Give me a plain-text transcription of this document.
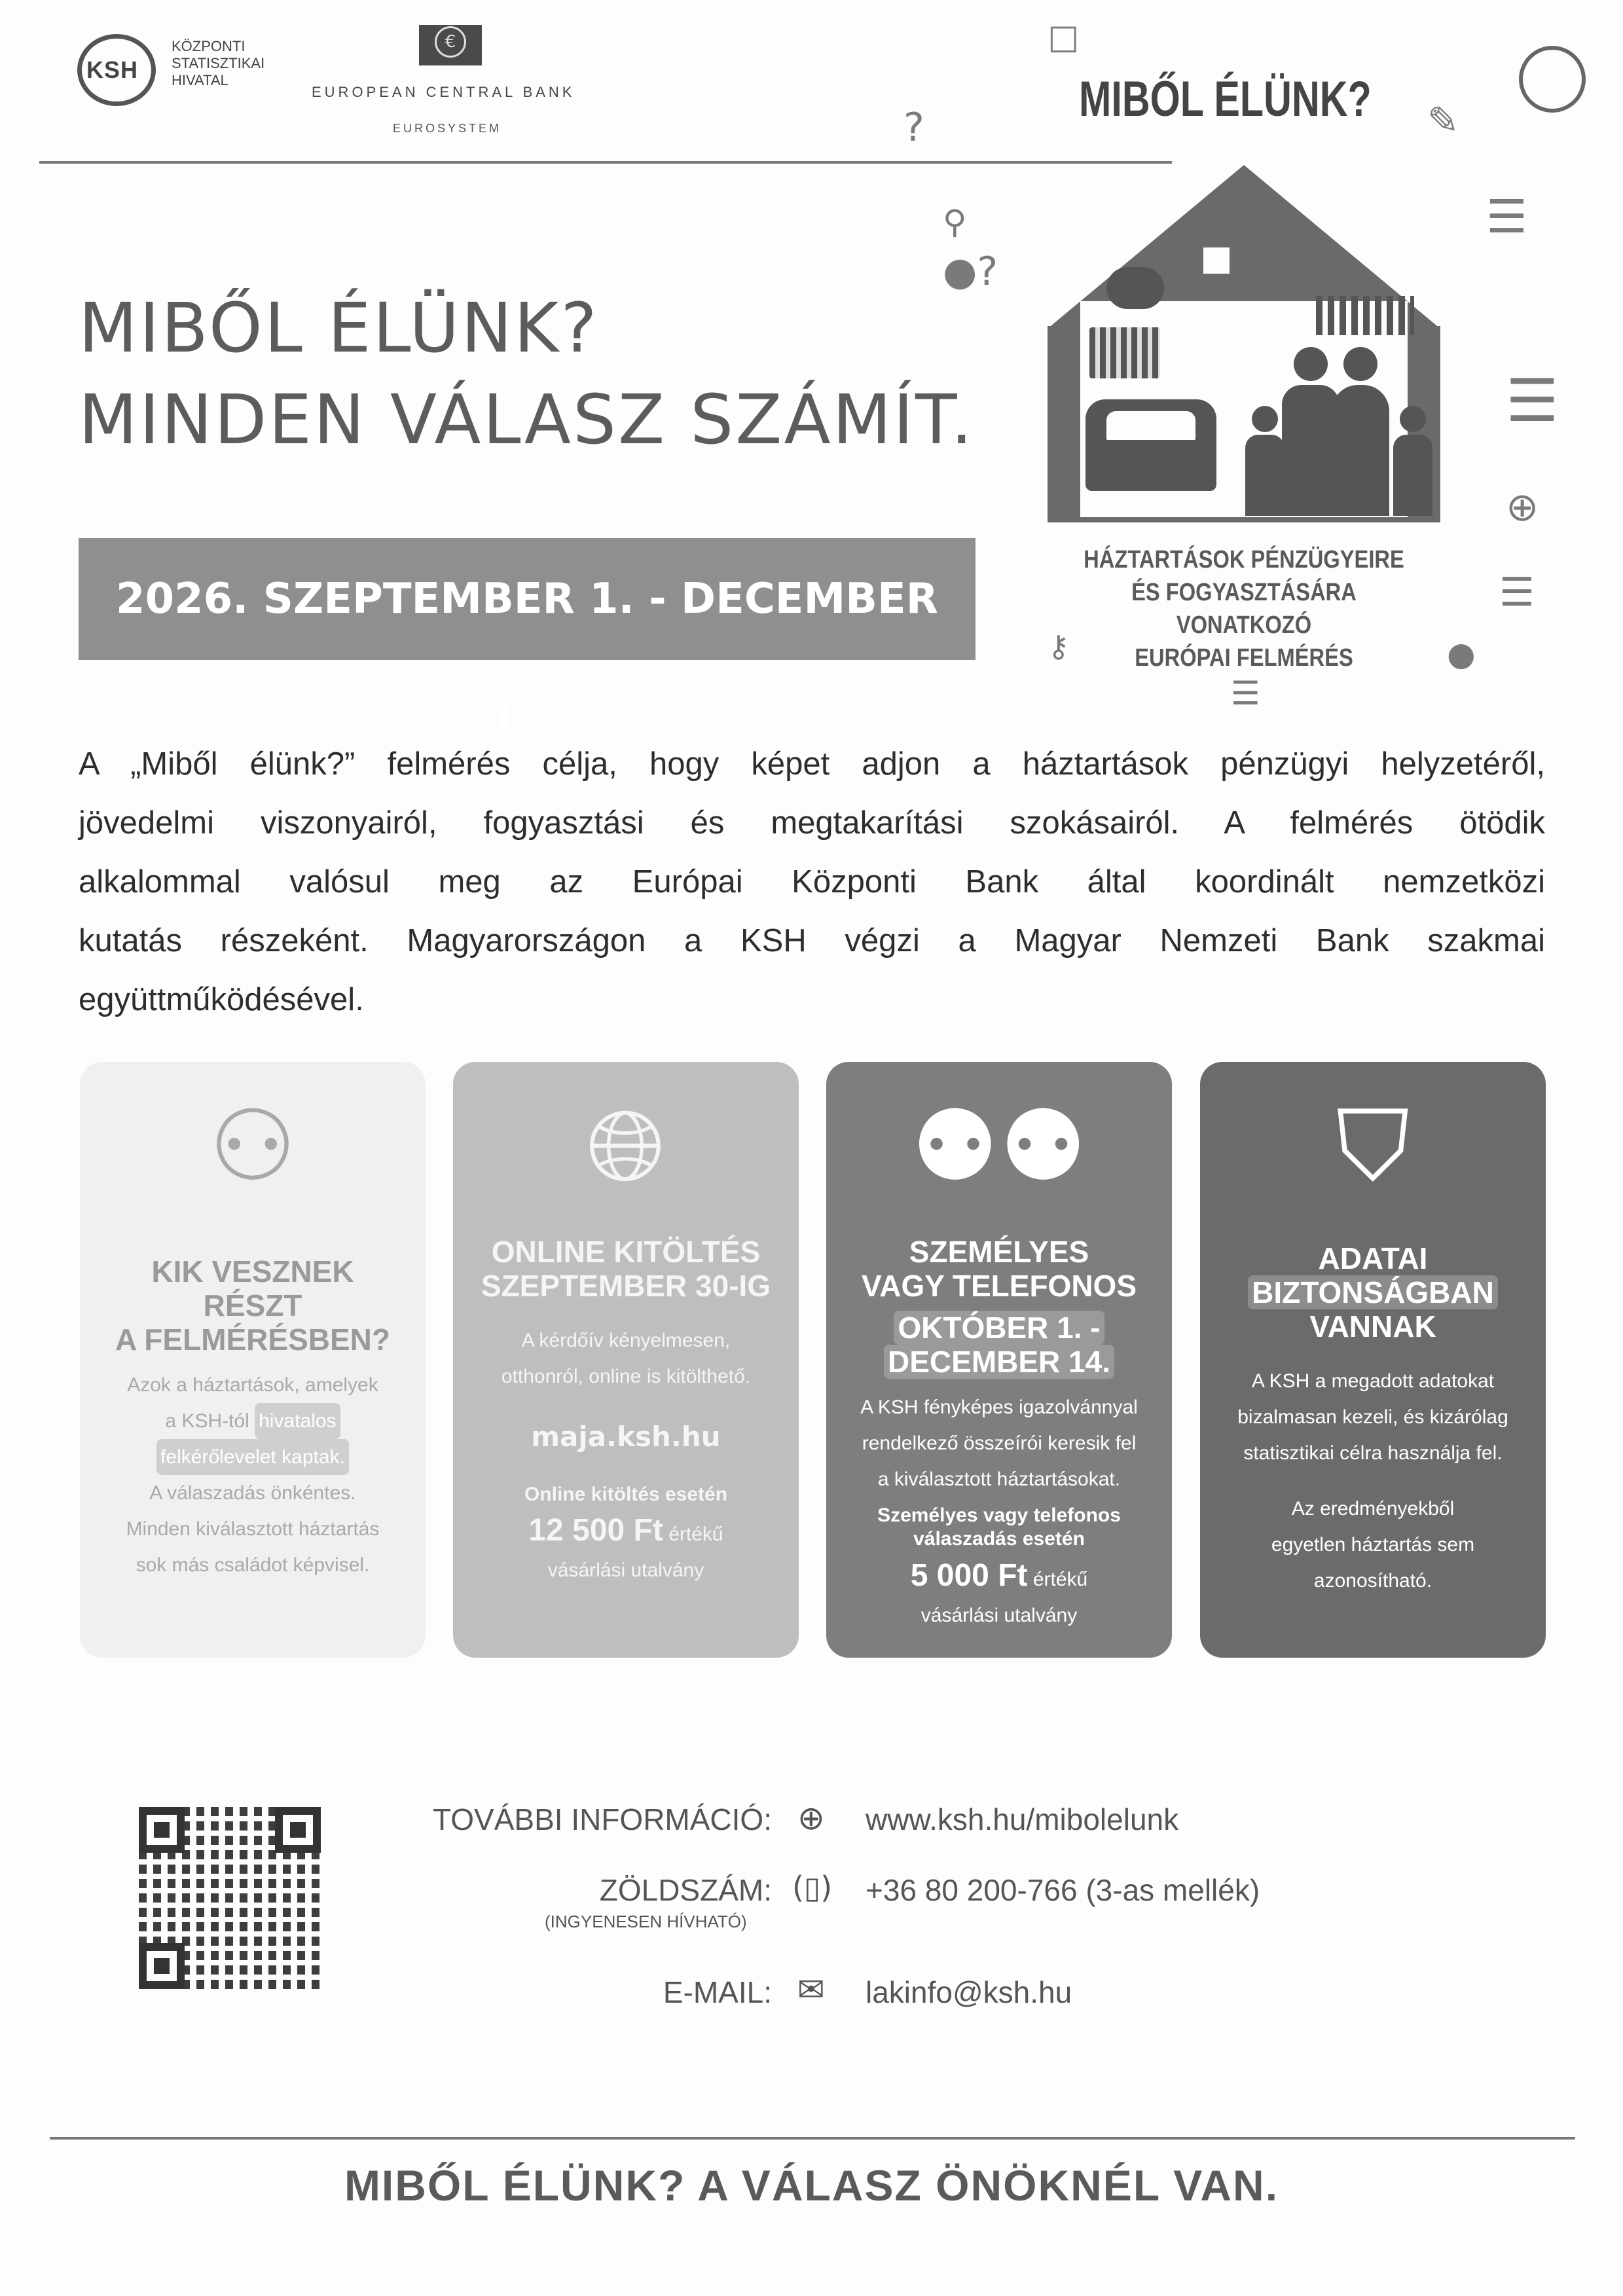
KSH
KÖZPONTI
STATISZTIKAI
HIVATAL
€
EUROPEAN CENTRAL BANK
EUROSYSTEM
MIBŐL ÉLÜNK?
☐
?	✎
MIBŐL ÉLÜNK?
MINDEN VÁLASZ SZÁMÍT.
2026. SZEPTEMBER 1. - DECEMBER 14.
HÁZTARTÁSOK PÉNZÜGYEIRE
ÉS FOGYASZTÁSÁRA VONATKOZÓ
EURÓPAI FELMÉRÉS
☰
☰
⊕
☰
●?
⚲
⚷	●
☰
A „Miből élünk?” felmérés célja, hogy képet adjon a háztartások pénzügyi helyzetéről,
jövedelmi viszonyairól, fogyasztási és megtakarítási szokásairól. A felmérés ötödik
alkalommal valósul meg az Európai Központi Bank által koordinált nemzetközi
kutatás részeként. Magyarországon a KSH végzi a Magyar Nemzeti Bank szakmai
együttműködésével.
⚇
KIK VESZNEK
RÉSZT
A FELMÉRÉSBEN?
Azok a háztartások, amelyek
a KSH-tól hivatalos
felkérőlevelet kaptak.
A válaszadás önkéntes.
Minden kiválasztott háztartás
sok más családot képvisel.
🌐︎
ONLINE KITÖLTÉS
SZEPTEMBER 30-IG
A kérdőív kényelmesen,
otthonról, online is kitölthető.
maja.ksh.hu
Online kitöltés esetén
12 500 Ft értékű
vásárlási utalvány
⚉⚉
SZEMÉLYES
VAGY TELEFONOS
OKTÓBER 1. -
DECEMBER 14.
A KSH fényképes igazolvánnyal
rendelkező összeírói keresik fel
a kiválasztott háztartásokat.
Személyes vagy telefonos
válaszadás esetén
5 000 Ft értékű
vásárlási utalvány
⛉
ADATAI
BIZTONSÁGBAN
VANNAK
A KSH a megadott adatokat
bizalmasan kezeli, és kizárólag
statisztikai célra használja fel.
Az eredményekből
egyetlen háztartás sem
azonosítható.
TOVÁBBI INFORMÁCIÓ: ⊕ www.ksh.hu/mibolelunk
ZÖLDSZÁM:
(INGYENESEN HÍVHATÓ)
(▯) +36 80 200-766 (3-as mellék)
E-MAIL: ✉ lakinfo@ksh.hu
MIBŐL ÉLÜNK? A VÁLASZ ÖNÖKNÉL VAN.
